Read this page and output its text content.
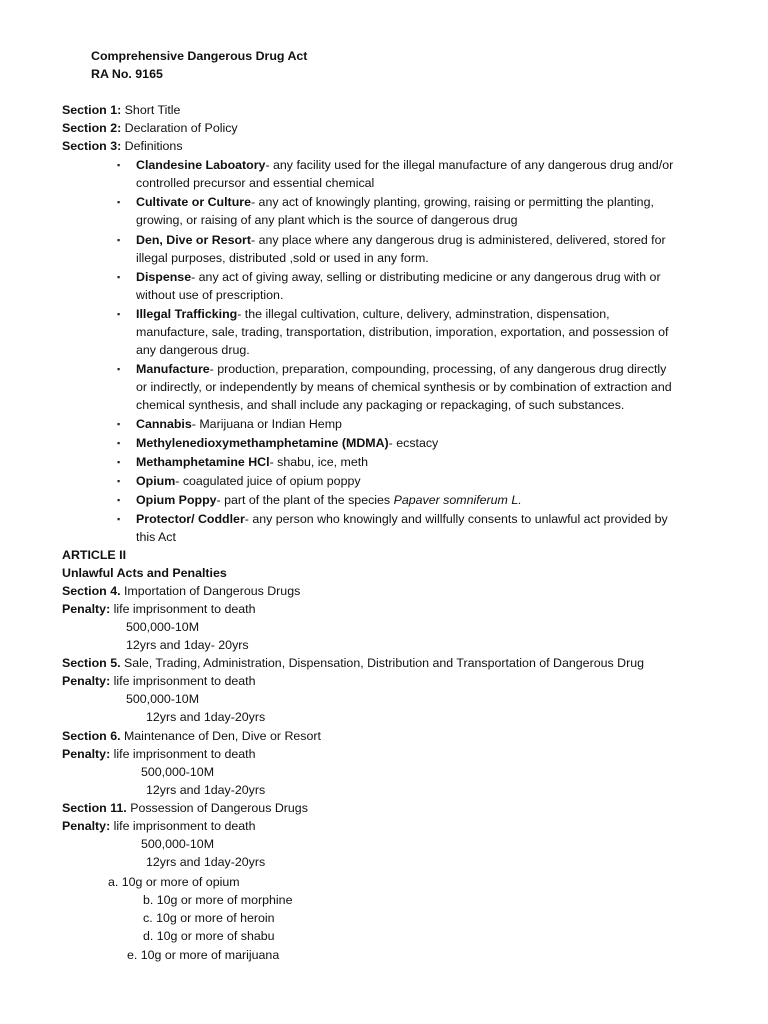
Comprehensive Dangerous Drug Act
RA No. 9165
Section 1: Short Title
Section 2: Declaration of Policy
Section 3: Definitions
▪	Clandesine Laboatory- any facility used for the illegal manufacture of any dangerous drug and/or
controlled precursor and essential chemical
▪	Cultivate or Culture- any act of knowingly planting, growing, raising or permitting the planting,
growing, or raising of any plant which is the source of dangerous drug
▪	Den, Dive or Resort- any place where any dangerous drug is administered, delivered, stored for
illegal purposes, distributed ,sold or used in any form.
▪	Dispense- any act of giving away, selling or distributing medicine or any dangerous drug with or
without use of prescription.
▪	Illegal Trafficking- the illegal cultivation, culture, delivery, adminstration, dispensation,
manufacture, sale, trading, transportation, distribution, imporation, exportation, and possession of
any dangerous drug.
▪	Manufacture- production, preparation, compounding, processing, of any dangerous drug directly
or indirectly, or independently by means of chemical synthesis or by combination of extraction and
chemical synthesis, and shall include any packaging or repackaging, of such substances.
▪	Cannabis- Marijuana or Indian Hemp
▪	Methylenedioxymethamphetamine (MDMA)- ecstacy
▪	Methamphetamine HCl- shabu, ice, meth
▪	Opium- coagulated juice of opium poppy
▪	Opium Poppy- part of the plant of the species Papaver somniferum L.
▪	Protector/ Coddler- any person who knowingly and willfully consents to unlawful act provided by
this Act
ARTICLE II
Unlawful Acts and Penalties
Section 4. Importation of Dangerous Drugs
Penalty: life imprisonment to death
500,000-10M
12yrs and 1day- 20yrs
Section 5. Sale, Trading, Administration, Dispensation, Distribution and Transportation of Dangerous Drug
Penalty: life imprisonment to death
500,000-10M
12yrs and 1day-20yrs
Section 6. Maintenance of Den, Dive or Resort
Penalty: life imprisonment to death
500,000-10M
12yrs and 1day-20yrs
Section 11. Possession of Dangerous Drugs
Penalty: life imprisonment to death
500,000-10M
12yrs and 1day-20yrs
a. 10g or more of opium
b. 10g or more of morphine
c. 10g or more of heroin
d. 10g or more of shabu
e. 10g or more of marijuana
